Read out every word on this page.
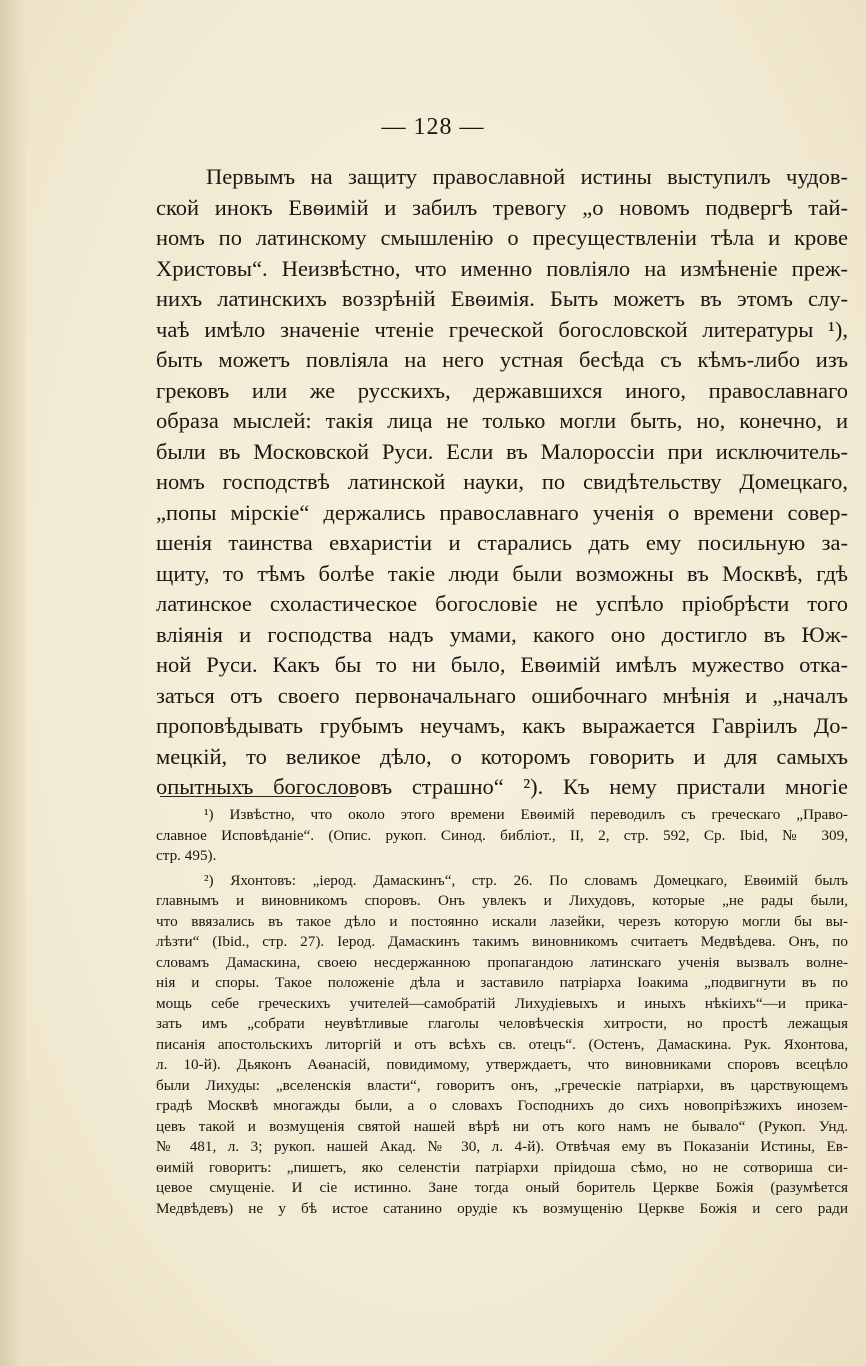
— 128 —
Первымъ на защиту православной истины выступилъ чудов-
ской инокъ Евѳимій и забилъ тревогу „о новомъ подвергѣ тай-
номъ по латинскому смышленію о пресуществленіи тѣла и крове
Христовы“. Неизвѣстно, что именно повліяло на измѣненіе преж-
нихъ латинскихъ воззрѣній Евѳимія. Быть можетъ въ этомъ слу-
чаѣ имѣло значеніе чтеніе греческой богословской литературы ¹),
быть можетъ повліяла на него устная бесѣда съ кѣмъ-либо изъ
грековъ или же русскихъ, державшихся иного, православнаго
образа мыслей: такія лица не только могли быть, но, конечно, и
были въ Московской Руси. Если въ Малороссіи при исключитель-
номъ господствѣ латинской науки, по свидѣтельству Домецкаго,
„попы мірскіе“ держались православнаго ученія о времени совер-
шенія таинства евхаристіи и старались дать ему посильную за-
щиту, то тѣмъ болѣе такіе люди были возможны въ Москвѣ, гдѣ
латинское схоластическое богословіе не успѣло пріобрѣсти того
вліянія и господства надъ умами, какого оно достигло въ Юж-
ной Руси. Какъ бы то ни было, Евѳимій имѣлъ мужество отка-
заться отъ своего первоначальнаго ошибочнаго мнѣнія и „началъ
проповѣдывать грубымъ неучамъ, какъ выражается Гавріилъ До-
мецкій, то великое дѣло, о которомъ говорить и для самыхъ
опытныхъ богослововъ страшно“ ²). Къ нему пристали многіе
¹) Извѣстно, что около этого времени Евѳимій переводилъ съ греческаго „Право-
славное Исповѣданіе“. (Опис. рукоп. Синод. библіот., II, 2, стр. 592, Ср. Ibid, № 309,
стр. 495).
²) Яхонтовъ: „іерод. Дамаскинъ“, стр. 26. По словамъ Домецкаго, Евѳимій былъ
главнымъ и виновникомъ споровъ. Онъ увлекъ и Лихудовъ, которые „не рады были,
что ввязались въ такое дѣло и постоянно искали лазейки, черезъ которую могли бы вы-
лѣзти“ (Ibid., стр. 27). Іерод. Дамаскинъ такимъ виновникомъ считаетъ Медвѣдева. Онъ, по
словамъ Дамаскина, своею несдержанною пропагандою латинскаго ученія вызвалъ волне-
нія и споры. Такое положеніе дѣла и заставило патріарха Іоакима „подвигнути въ по
мощь себе греческихъ учителей—самобратій Лихудіевыхъ и иныхъ нѣкіихъ“—и прика-
зать имъ „собрати неувѣтливые глаголы человѣческія хитрости, но простѣ лежащыя
писанія апостольскихъ литоргій и отъ всѣхъ св. отецъ“. (Остенъ, Дамаскина. Рук. Яхонтова,
л. 10-й). Дьяконъ Аѳанасій, повидимому, утверждаетъ, что виновниками споровъ всецѣло
были Лихуды: „вселенскія власти“, говоритъ онъ, „греческіе патріархи, въ царствующемъ
градѣ Москвѣ многажды были, а о словахъ Господнихъ до сихъ новопріѣзжихъ инозем-
цевъ такой и возмущенія святой нашей вѣрѣ ни отъ кого намъ не бывало“ (Рукоп. Унд.
№ 481, л. 3; рукоп. нашей Акад. № 30, л. 4-й). Отвѣчая ему въ Показаніи Истины, Ев-
ѳимій говоритъ: „пишетъ, яко селенстіи патріархи пріидоша сѣмо, но не сотвориша си-
цевое смущеніе. И сіе истинно. Зане тогда оный боритель Церкве Божія (разумѣется
Медвѣдевъ) не у бѣ истое сатанино орудіе къ возмущенію Церкве Божія и сего ради
